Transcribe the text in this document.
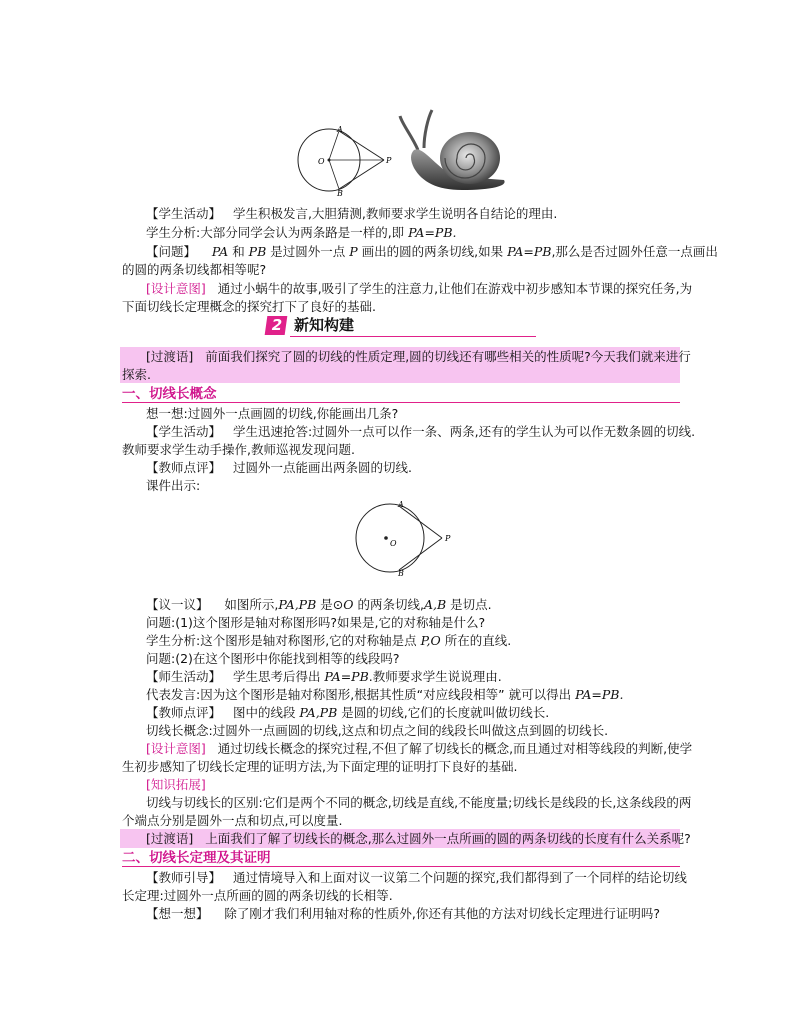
A
B
O	P
【学生活动】 学生积极发言,大胆猜测,教师要求学生说明各自结论的理由.
学生分析:大部分同学会认为两条路是一样的,即 PA=PB.
【问题】 PA 和 PB 是过圆外一点 P 画出的圆的两条切线,如果 PA=PB,那么是否过圆外任意一点画出
的圆的两条切线都相等呢?
[设计意图] 通过小蜗牛的故事,吸引了学生的注意力,让他们在游戏中初步感知本节课的探究任务,为
下面切线长定理概念的探究打下了良好的基础.
2 新知构建
[过渡语] 前面我们探究了圆的切线的性质定理,圆的切线还有哪些相关的性质呢?今天我们就来进行
探索.
一、切线长概念
想一想:过圆外一点画圆的切线,你能画出几条?
【学生活动】 学生迅速抢答:过圆外一点可以作一条、两条,还有的学生认为可以作无数条圆的切线.
教师要求学生动手操作,教师巡视发现问题.
【教师点评】 过圆外一点能画出两条圆的切线.
课件出示:
A
B
O
P
【议一议】 如图所示,PA,PB 是⊙O 的两条切线,A,B 是切点.
问题:(1)这个图形是轴对称图形吗?如果是,它的对称轴是什么?
学生分析:这个图形是轴对称图形,它的对称轴是点 P,O 所在的直线.
问题:(2)在这个图形中你能找到相等的线段吗?
【师生活动】 学生思考后得出 PA=PB.教师要求学生说说理由.
代表发言:因为这个图形是轴对称图形,根据其性质“对应线段相等” 就可以得出 PA=PB.
【教师点评】 图中的线段 PA,PB 是圆的切线,它们的长度就叫做切线长.
切线长概念:过圆外一点画圆的切线,这点和切点之间的线段长叫做这点到圆的切线长.
[设计意图] 通过切线长概念的探究过程,不但了解了切线长的概念,而且通过对相等线段的判断,使学
生初步感知了切线长定理的证明方法,为下面定理的证明打下良好的基础.
[知识拓展]
切线与切线长的区别:它们是两个不同的概念,切线是直线,不能度量;切线长是线段的长,这条线段的两
个端点分别是圆外一点和切点,可以度量.
[过渡语] 上面我们了解了切线长的概念,那么过圆外一点所画的圆的两条切线的长度有什么关系呢?
二、切线长定理及其证明
【教师引导】 通过情境导入和上面对议一议第二个问题的探究,我们都得到了一个同样的结论切线
长定理:过圆外一点所画的圆的两条切线的长相等.
【想一想】 除了刚才我们利用轴对称的性质外,你还有其他的方法对切线长定理进行证明吗?
